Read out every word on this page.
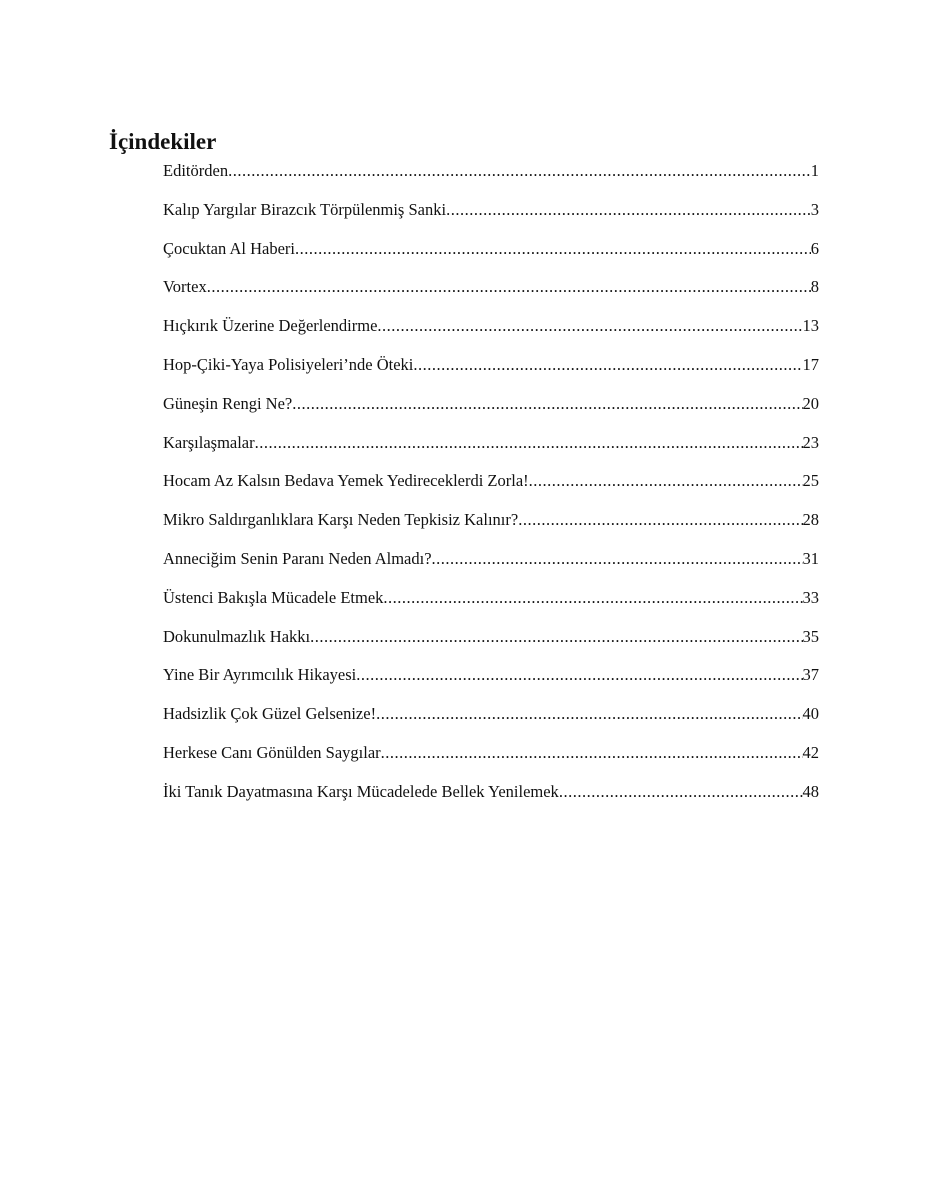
İçindekiler
Editörden .....	1
Kalıp Yargılar Birazcık Törpülenmiş Sanki .....	3
Çocuktan Al Haberi .....	6
Vortex .....	8
Hıçkırık Üzerine Değerlendirme .....	13
Hop-Çiki-Yaya Polisiyeleri’nde Öteki .....	17
Güneşin Rengi Ne? .....	20
Karşılaşmalar .....	23
Hocam Az Kalsın Bedava Yemek Yedireceklerdi Zorla! .....	25
Mikro Saldırganlıklara Karşı Neden Tepkisiz Kalınır? .....	28
Anneciğim Senin Paranı Neden Almadı? .....	31
Üstenci Bakışla Mücadele Etmek .....	33
Dokunulmazlık Hakkı .....	35
Yine Bir Ayrımcılık Hikayesi .....	37
Hadsizlik Çok Güzel Gelsenize! .....	40
Herkese Canı Gönülden Saygılar .....	42
İki Tanık Dayatmasına Karşı Mücadelede Bellek Yenilemek .....	48
